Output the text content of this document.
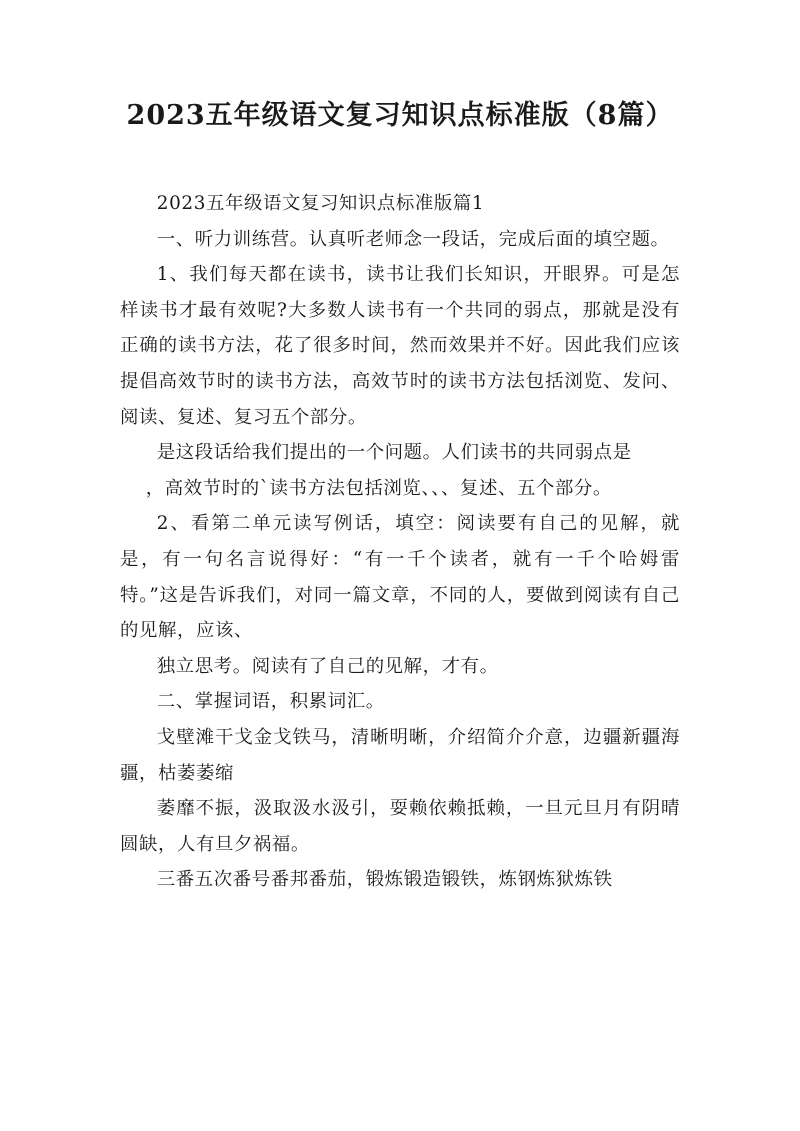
2023五年级语文复习知识点标准版（8篇）

2023五年级语文复习知识点标准版篇1

一、听力训练营。认真听老师念一段话，完成后面的填空题。

1、我们每天都在读书，读书让我们长知识，开眼界。可是怎样读书才最有效呢?大多数人读书有一个共同的弱点，那就是没有正确的读书方法，花了很多时间，然而效果并不好。因此我们应该提倡高效节时的读书方法，高效节时的读书方法包括浏览、发问、阅读、复述、复习五个部分。

是这段话给我们提出的一个问题。人们读书的共同弱点是

，高效节时的`读书方法包括浏览、、、复述、五个部分。

2、看第二单元读写例话，填空：阅读要有自己的见解，就是，有一句名言说得好：“有一千个读者，就有一千个哈姆雷特。”这是告诉我们，对同一篇文章，不同的人，要做到阅读有自己的见解，应该、

独立思考。阅读有了自己的见解，才有。

二、掌握词语，积累词汇。

戈壁滩干戈金戈铁马，清晰明晰，介绍简介介意，边疆新疆海疆，枯萎萎缩

萎靡不振，汲取汲水汲引，耍赖依赖抵赖，一旦元旦月有阴晴圆缺，人有旦夕祸福。

三番五次番号番邦番茄，锻炼锻造锻铁，炼钢炼狱炼铁
